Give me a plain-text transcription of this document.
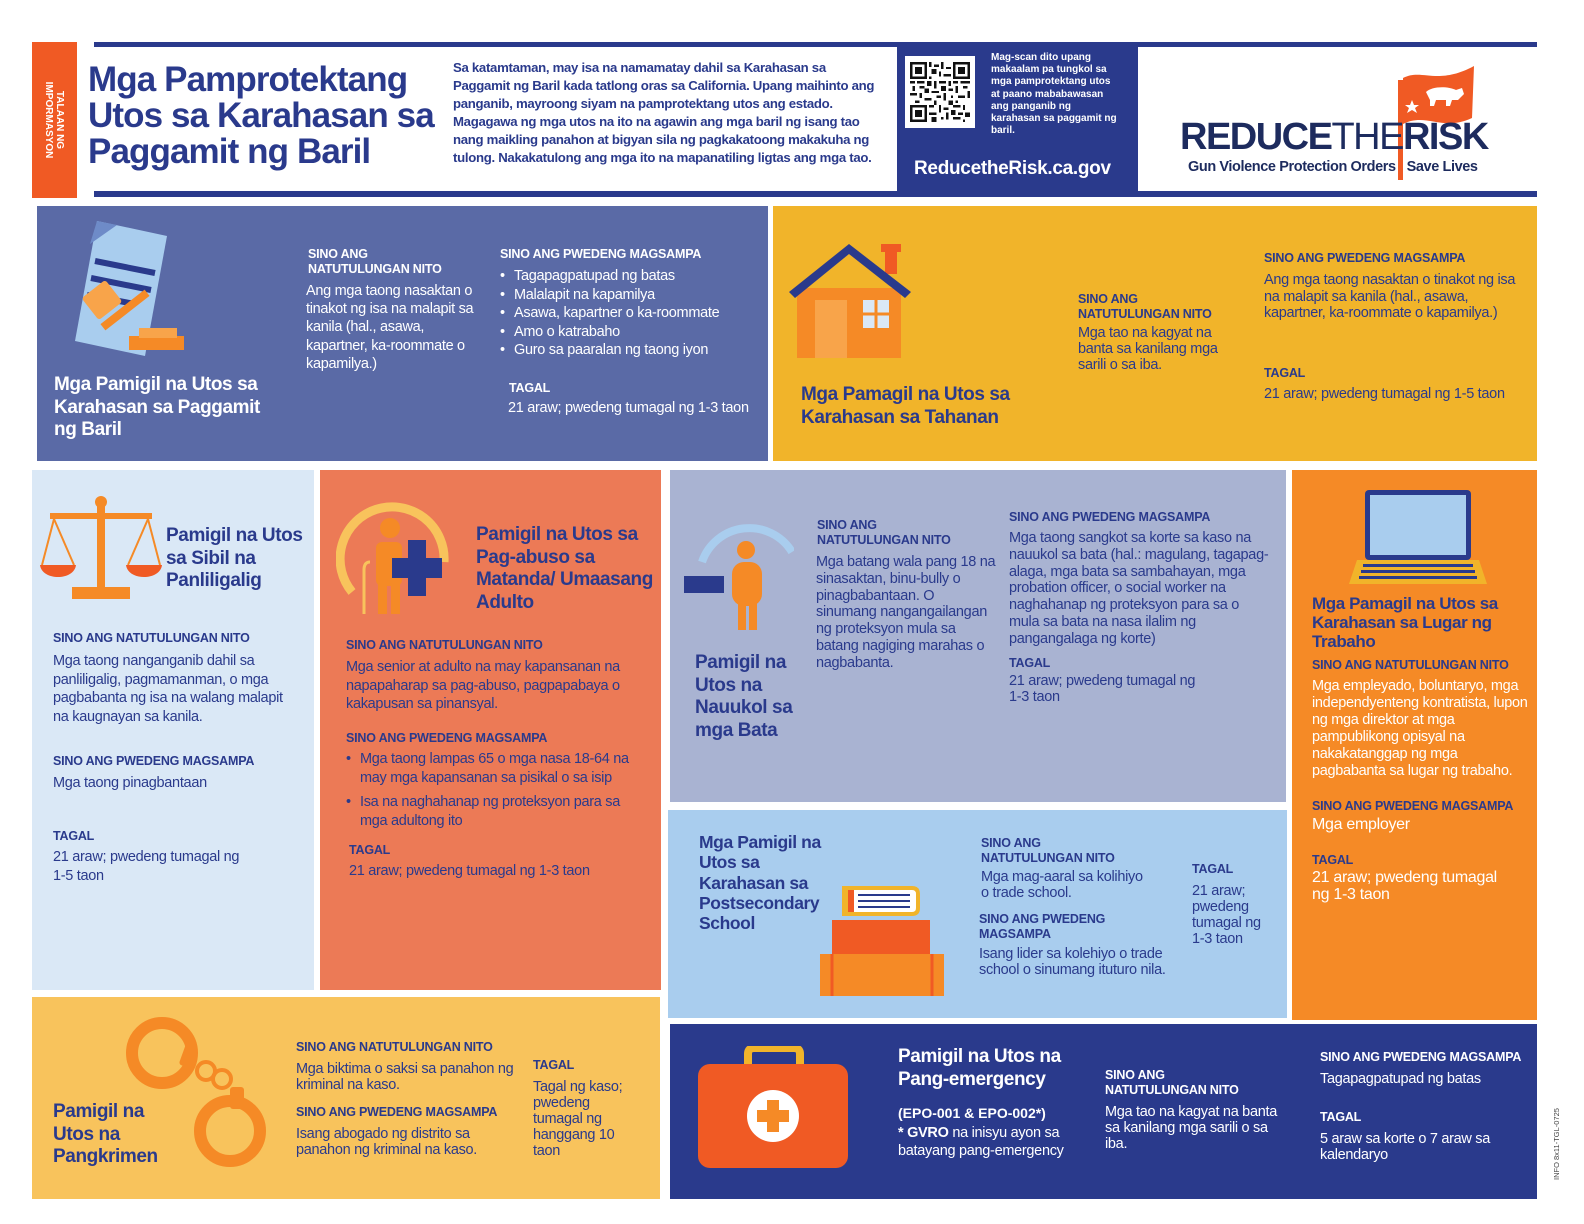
TALAAN NG
IMPORMASYON
Mga Pamprotektang
Utos sa Karahasan sa
Paggamit ng Baril
Sa katamtaman, may isa na namamatay dahil sa Karahasan sa Paggamit ng Baril kada tatlong oras sa California. Upang maihinto ang panganib, mayroong siyam na pamprotektang utos ang estado. Magagawa ng mga utos na ito na agawin ang mga baril ng isang tao nang maikling panahon at bigyan sila ng pagkakatoong makakuha ng tulong. Nakakatulong ang mga ito na mapanatiling ligtas ang mga tao.
Mag-scan dito upang makaalam pa tungkol sa mga pamprotektang utos at paano mababawasan ang panganib ng karahasan sa paggamit ng baril.
ReducetheRisk.ca.gov
REDUCETHERISK
Gun Violence Protection Orders Save Lives
Mga Pamigil na Utos sa Karahasan sa Paggamit ng Baril
SINO ANG NATUTULUNGAN NITO
Ang mga taong nasaktan o tinakot ng isa na malapit sa kanila (hal., asawa, kapartner, ka-roommate o kapamilya.)
SINO ANG PWEDENG MAGSAMPA
• Tagapagpatupad ng batas
• Malalapit na kapamilya
• Asawa, kapartner o ka-roommate
• Amo o katrabaho
• Guro sa paaralan ng taong iyon
TAGAL
21 araw; pwedeng tumagal ng 1-3 taon
Mga Pamagil na Utos sa Karahasan sa Tahanan
SINO ANG NATUTULUNGAN NITO
Mga tao na kagyat na banta sa kanilang mga sarili o sa iba.
SINO ANG PWEDENG MAGSAMPA
Ang mga taong nasaktan o tinakot ng isa na malapit sa kanila (hal., asawa, kapartner, ka-roommate o kapamilya.)
TAGAL
21 araw; pwedeng tumagal ng 1-5 taon
Pamigil na Utos sa Sibil na Panliligalig
SINO ANG NATUTULUNGAN NITO
Mga taong nanganganib dahil sa panliligalig, pagmamanman, o mga pagbabanta ng isa na walang malapit na kaugnayan sa kanila.
SINO ANG PWEDENG MAGSAMPA
Mga taong pinagbantaan
TAGAL
21 araw; pwedeng tumagal ng 1-5 taon
Pamigil na Utos sa Pag-abuso sa Matanda/ Umaasang Adulto
SINO ANG NATUTULUNGAN NITO
Mga senior at adulto na may kapansanan na napapaharap sa pag-abuso, pagpapabaya o kakapusan sa pinansyal.
SINO ANG PWEDENG MAGSAMPA
• Mga taong lampas 65 o mga nasa 18-64 na may mga kapansanan sa pisikal o sa isip
• Isa na naghahanap ng proteksyon para sa mga adultong ito
TAGAL
21 araw; pwedeng tumagal ng 1-3 taon
Pamigil na Utos na Nauukol sa mga Bata
SINO ANG NATUTULUNGAN NITO
Mga batang wala pang 18 na sinasaktan, binu-bully o pinagbabantaan. O sinumang nangangailangan ng proteksyon mula sa batang nagiging marahas o nagbabanta.
SINO ANG PWEDENG MAGSAMPA
Mga taong sangkot sa korte sa kaso na nauukol sa bata (hal.: magulang, tagapag-alaga, mga bata sa sambahayan, mga probation officer, o social worker na naghahanap ng proteksyon para sa o mula sa bata na nasa ilalim ng pangangalaga ng korte)
TAGAL
21 araw; pwedeng tumagal ng 1-3 taon
Mga Pamagil na Utos sa Karahasan sa Lugar ng Trabaho
SINO ANG NATUTULUNGAN NITO
Mga empleyado, boluntaryo, mga independyenteng kontratista, lupon ng mga direktor at mga pampublikong opisyal na nakakatanggap ng mga pagbabanta sa lugar ng trabaho.
SINO ANG PWEDENG MAGSAMPA
Mga employer
TAGAL
21 araw; pwedeng tumagal ng 1-3 taon
Mga Pamigil na Utos sa Karahasan sa Postsecondary School
SINO ANG NATUTULUNGAN NITO
Mga mag-aaral sa kolihiyo o trade school.
SINO ANG PWEDENG MAGSAMPA
Isang lider sa kolehiyo o trade school o sinumang ituturo nila.
TAGAL
21 araw; pwedeng tumagal ng 1-3 taon
Pamigil na Utos na Pangkrimen
SINO ANG NATUTULUNGAN NITO
Mga biktima o saksi sa panahon ng kriminal na kaso.
SINO ANG PWEDENG MAGSAMPA
Isang abogado ng distrito sa panahon ng kriminal na kaso.
TAGAL
Tagal ng kaso; pwedeng tumagal ng hanggang 10 taon
Pamigil na Utos na Pang-emergency
(EPO-001 & EPO-002*)
* GVRO na inisyu ayon sa batayang pang-emergency
SINO ANG NATUTULUNGAN NITO
Mga tao na kagyat na banta sa kanilang mga sarili o sa iba.
SINO ANG PWEDENG MAGSAMPA
Tagapagpatupad ng batas
TAGAL
5 araw sa korte o 7 araw sa kalendaryo	INFO 8x11-TGL-0725
